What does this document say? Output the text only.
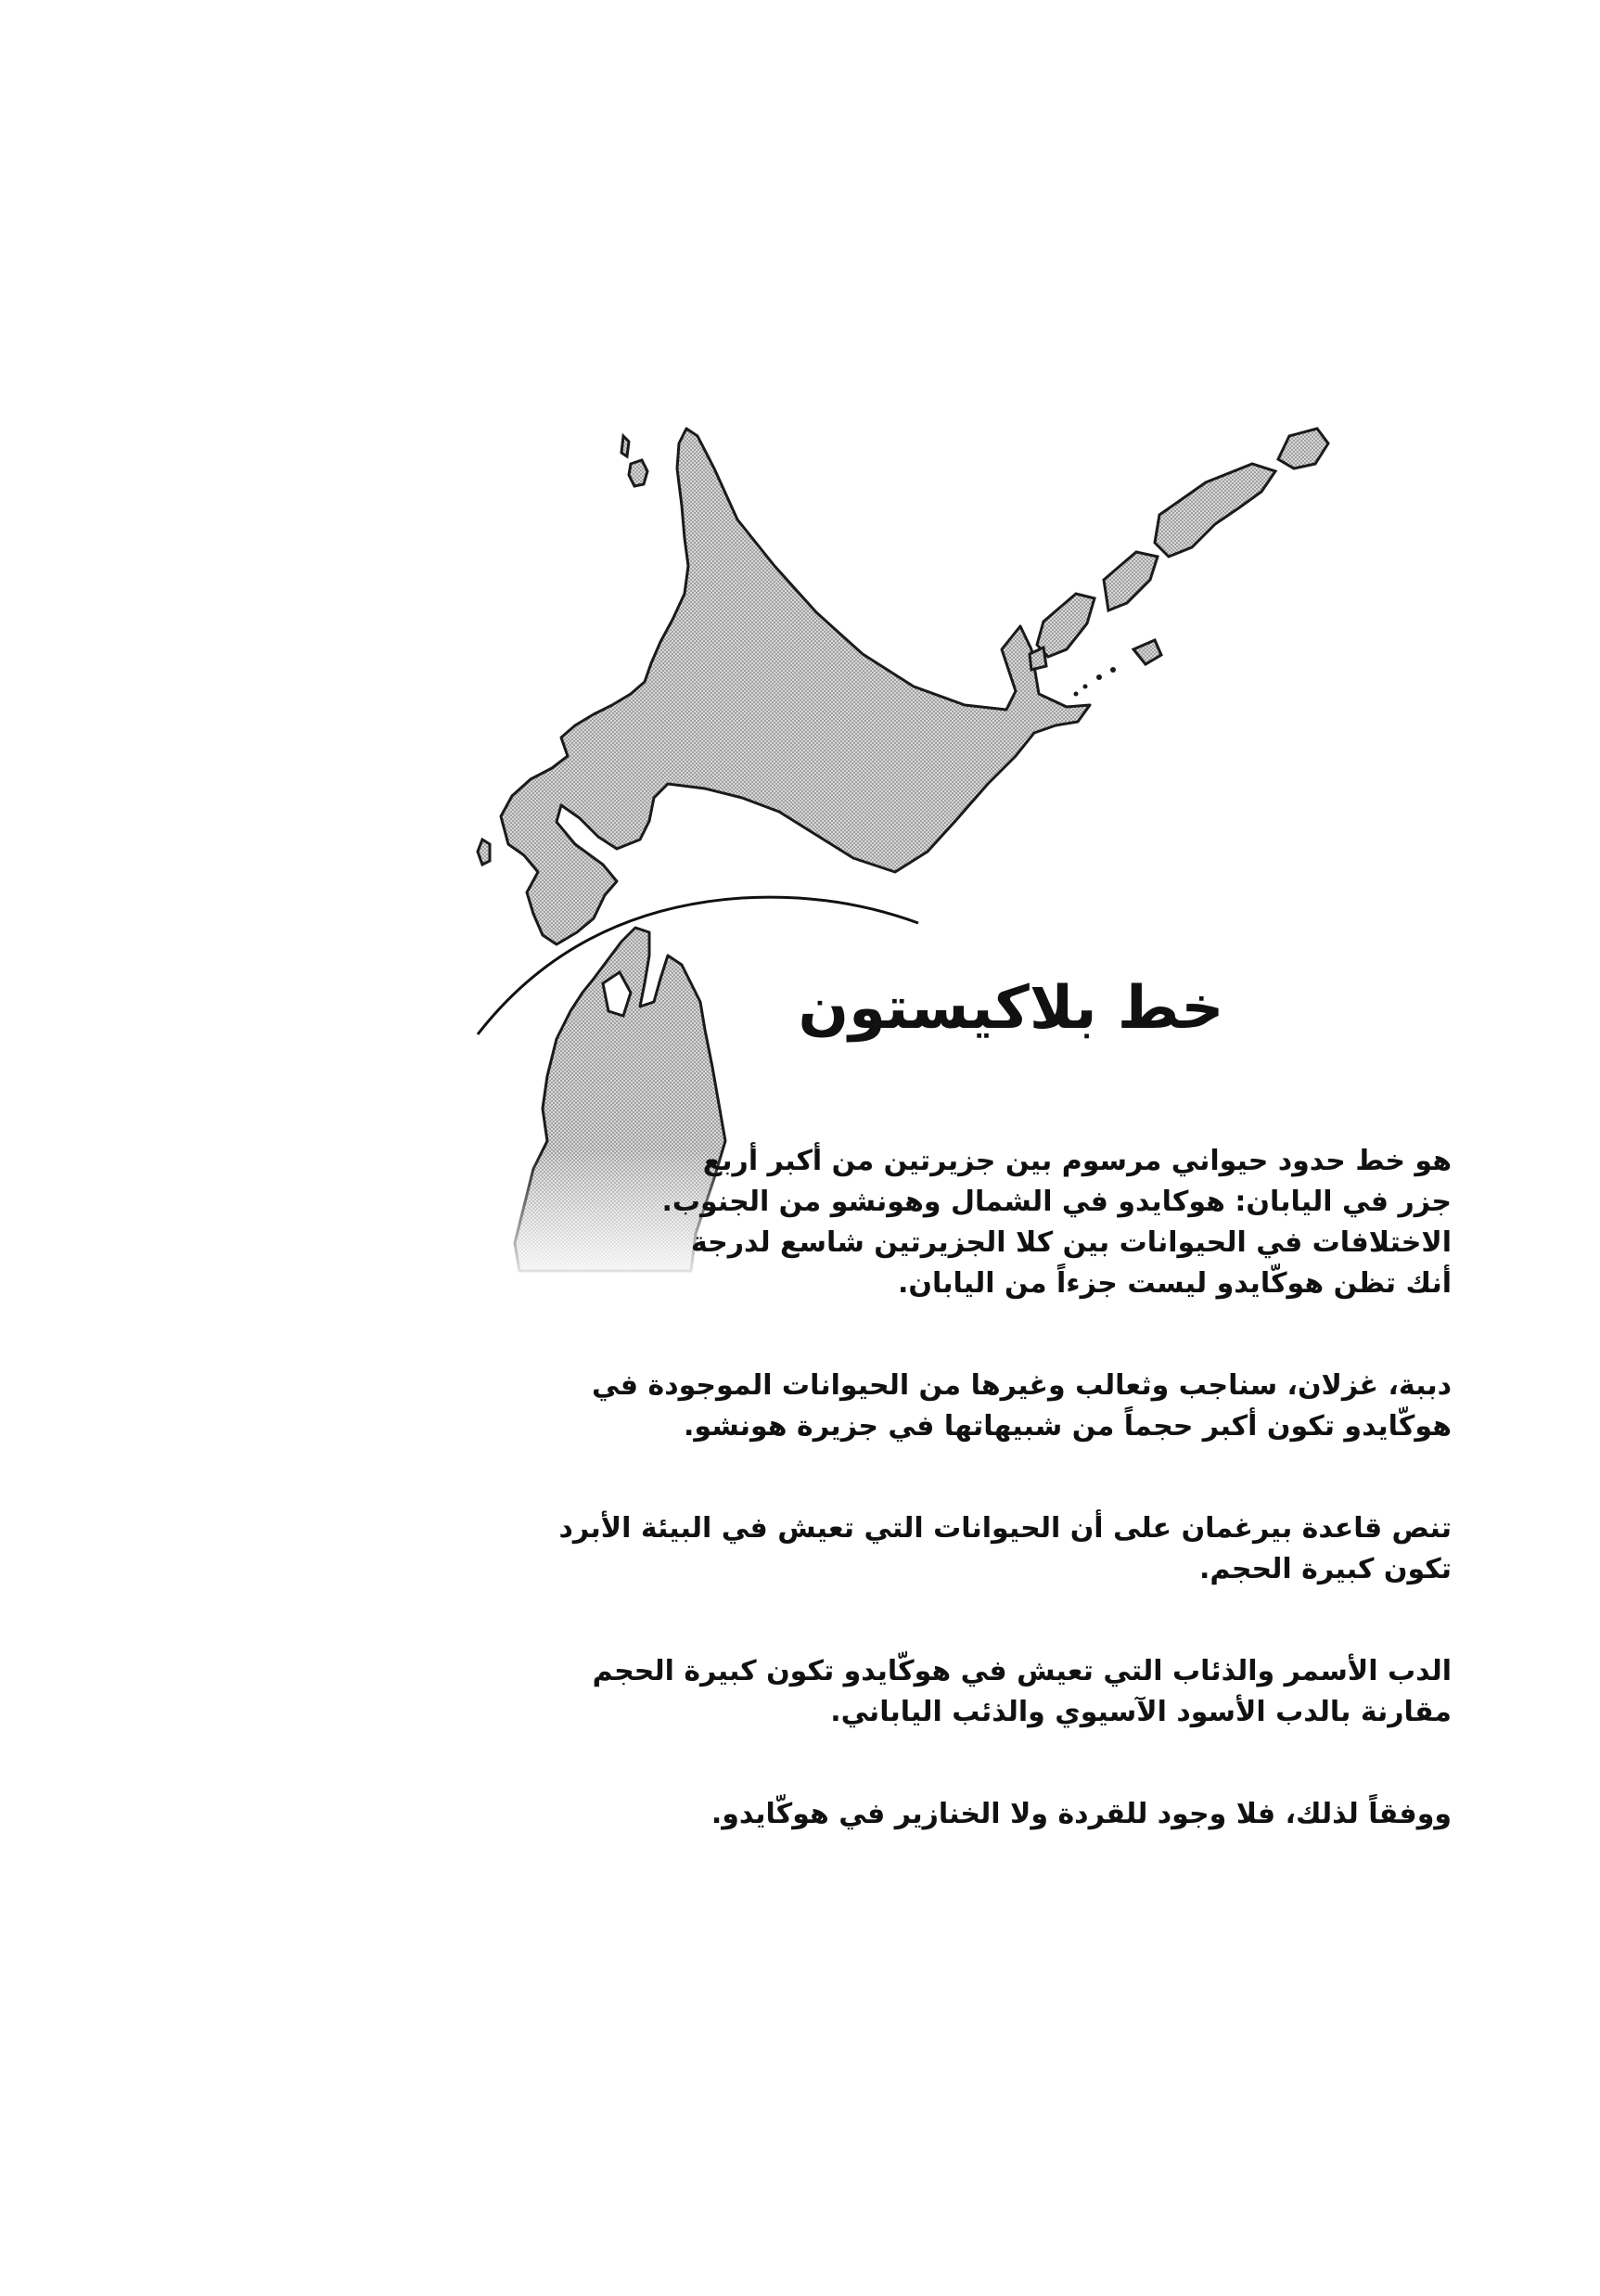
خط بلاكيستون

هو خط حدود حيواني مرسوم بين جزيرتين من أكبر أربع
جزر في اليابان: هوكايدو في الشمال وهونشو من الجنوب.
الاختلافات في الحيوانات بين كلا الجزيرتين شاسع لدرجة
أنك تظن هوكّايدو ليست جزءاً من اليابان.

دببة، غزلان، سناجب وثعالب وغيرها من الحيوانات الموجودة في
هوكّايدو تكون أكبر حجماً من شبيهاتها في جزيرة هونشو.

تنص قاعدة بيرغمان على أن الحيوانات التي تعيش في البيئة الأبرد
تكون كبيرة الحجم.

الدب الأسمر والذئاب التي تعيش في هوكّايدو تكون كبيرة الحجم
مقارنة بالدب الأسود الآسيوي والذئب الياباني.

ووفقاً لذلك، فلا وجود للقردة ولا الخنازير في هوكّايدو.
